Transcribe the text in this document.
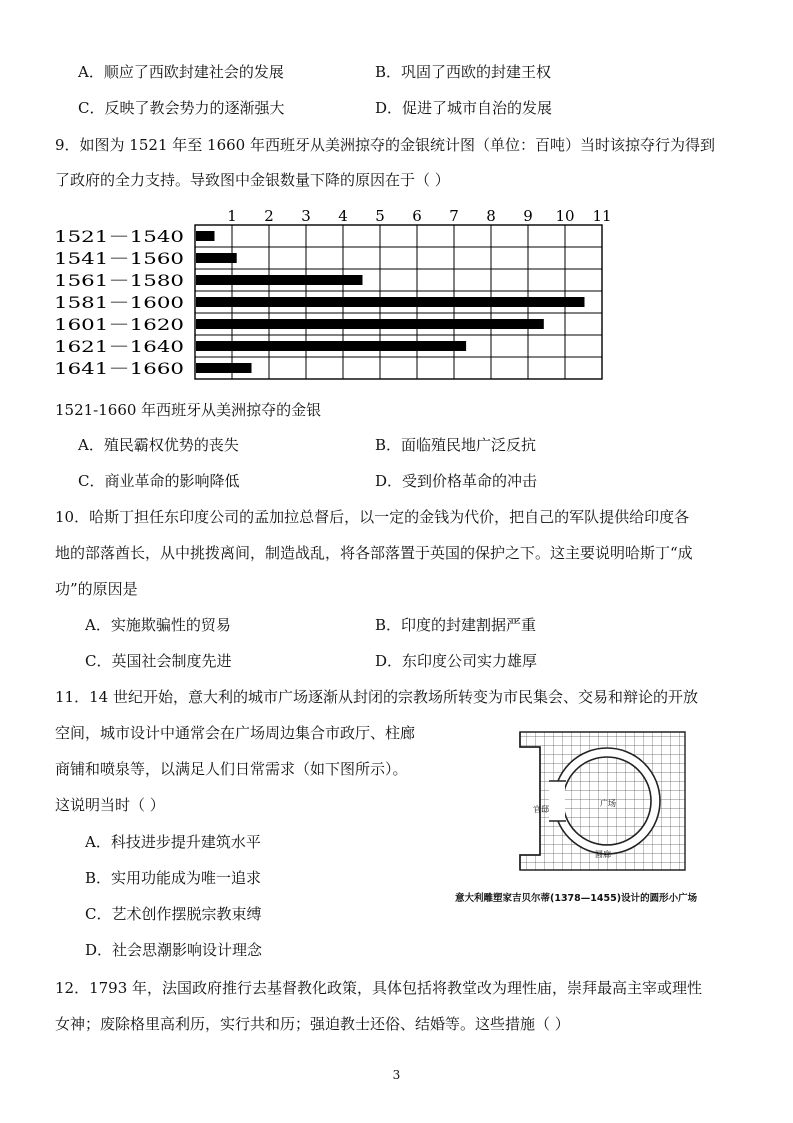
A．顺应了西欧封建社会的发展	B．巩固了西欧的封建王权
C．反映了教会势力的逐渐强大	D．促进了城市自治的发展
9．如图为 1521 年至 1660 年西班牙从美洲掠夺的金银统计图（单位：百吨）当时该掠夺行为得到
了政府的全力支持。导致图中金银数量下降的原因在于（ ）
1 2 3 4 5 6 7 8 9 10 11
1521－1540
1541－1560
1561－1580
1581－1600
1601－1620
1621－1640
1641－1660
1521-1660 年西班牙从美洲掠夺的金银
A．殖民霸权优势的丧失	B．面临殖民地广泛反抗
C．商业革命的影响降低	D．受到价格革命的冲击
10．哈斯丁担任东印度公司的孟加拉总督后，以一定的金钱为代价，把自己的军队提供给印度各
地的部落酋长，从中挑拨离间，制造战乱，将各部落置于英国的保护之下。这主要说明哈斯丁“成
功”的原因是
A．实施欺骗性的贸易	B．印度的封建割据严重
C．英国社会制度先进	D．东印度公司实力雄厚
11．14 世纪开始，意大利的城市广场逐渐从封闭的宗教场所转变为市民集会、交易和辩论的开放
空间，城市设计中通常会在广场周边集合市政厅、柱廊
商铺和喷泉等，以满足人们日常需求（如下图所示）。
这说明当时（ ）
A．科技进步提升建筑水平
B．实用功能成为唯一追求
C．艺术创作摆脱宗教束缚
D．社会思潮影响设计理念
官邸
广场
圆廊
意大利雕塑家吉贝尔蒂(1378—1455)设计的圆形小广场
12．1793 年，法国政府推行去基督教化政策，具体包括将教堂改为理性庙，崇拜最高主宰或理性
女神；废除格里高利历，实行共和历；强迫教士还俗、结婚等。这些措施（ ）
3
